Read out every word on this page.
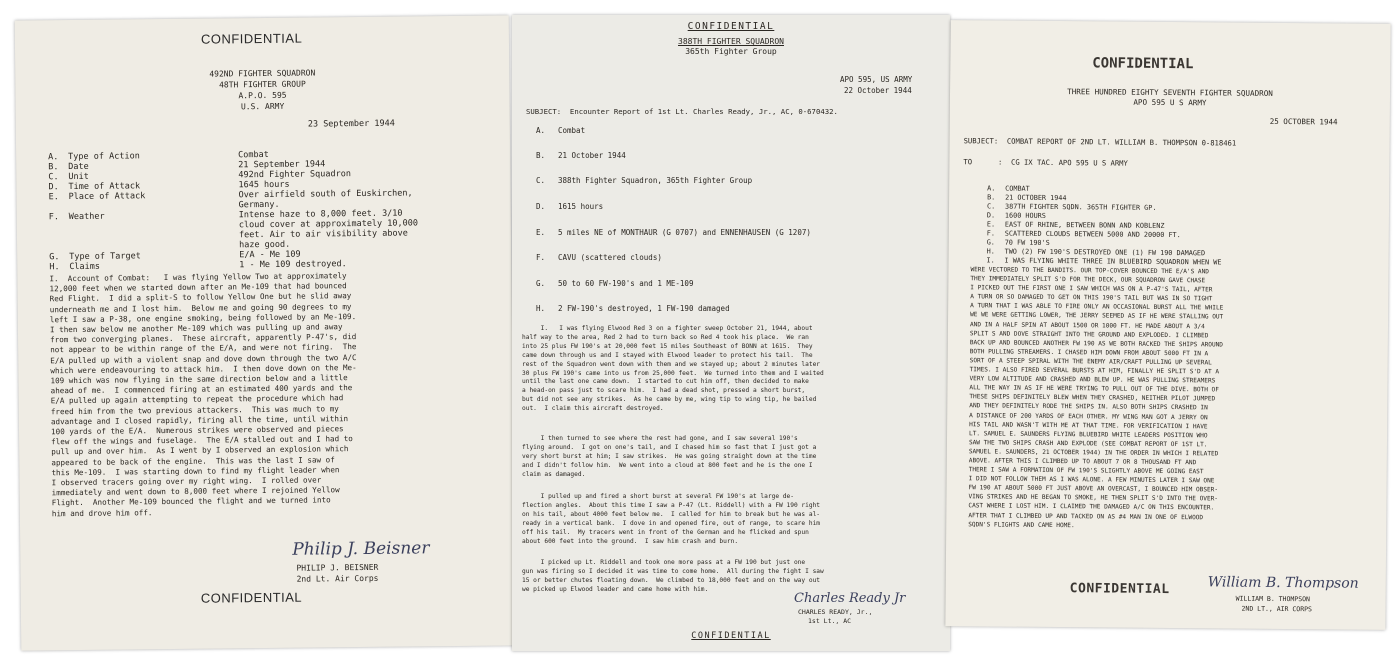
CONFIDENTIAL
492ND FIGHTER SQUADRON
48TH FIGHTER GROUP
A.P.O. 595
U.S. ARMY
23 September 1944
A.	Type of Action	Combat
B.	Date	21 September 1944
C.	Unit	492nd Fighter Squadron
D.	Time of Attack	1645 hours
E.	Place of Attack	Over airfield south of Euskirchen,
Germany.
F.	Weather	Intense haze to 8,000 feet. 3/10
cloud cover at approximately 10,000
feet. Air to air visibility above
haze good.
G.	Type of Target	E/A - Me 109
H.	Claims	1 - Me 109 destroyed.
I.  Account of Combat:   I was flying Yellow Two at approximately
12,000 feet when we started down after an Me-109 that had bounced
Red Flight.  I did a split-S to follow Yellow One but he slid away
underneath me and I lost him.  Below me and going 90 degrees to my
left I saw a P-38, one engine smoking, being followed by an Me-109.
I then saw below me another Me-109 which was pulling up and away
from two converging planes.  These aircraft, apparently P-47's, did
not appear to be within range of the E/A, and were not firing.  The
E/A pulled up with a violent snap and dove down through the two A/C
which were endeavouring to attack him.  I then dove down on the Me-
109 which was now flying in the same direction below and a little
ahead of me.  I commenced firing at an estimated 400 yards and the
E/A pulled up again attempting to repeat the procedure which had
freed him from the two previous attackers.  This was much to my
advantage and I closed rapidly, firing all the time, until within
100 yards of the E/A.  Numerous strikes were observed and pieces
flew off the wings and fuselage.  The E/A stalled out and I had to
pull up and over him.  As I went by I observed an explosion which
appeared to be back of the engine.  This was the last I saw of
this Me-109.  I was starting down to find my flight leader when
I observed tracers going over my right wing.  I rolled over
immediately and went down to 8,000 feet where I rejoined Yellow
Flight.  Another Me-109 bounced the flight and we turned into
him and drove him off.
Philip J. Beisner
PHILIP J. BEISNER
2nd Lt. Air Corps
CONFIDENTIAL
CONFIDENTIAL
388TH FIGHTER SQUADRON
365th Fighter Group
APO 595, US ARMY
22 October 1944
SUBJECT:  Encounter Report of 1st Lt. Charles Ready, Jr., AC, 0-670432.
A. Combat
B. 21 October 1944
C. 388th Fighter Squadron, 365th Fighter Group
D. 1615 hours
E. 5 miles NE of MONTHAUR (G 0707) and ENNENHAUSEN (G 1207)
F. CAVU (scattered clouds)
G. 50 to 60 FW-190's and 1 ME-109
H. 2 FW-190's destroyed, 1 FW-190 damaged
I.   I was flying Elwood Red 3 on a fighter sweep October 21, 1944, about
half way to the area, Red 2 had to turn back so Red 4 took his place.  We ran
into 25 plus FW 190's at 20,000 feet 15 miles Southeast of BONN at 1615.  They
came down through us and I stayed with Elwood leader to protect his tail.  The
rest of the Squadron went down with them and we stayed up; about 2 minutes later
30 plus FW 190's came into us from 25,000 feet.  We turned into them and I waited
until the last one came down.  I started to cut him off, then decided to make
a head-on pass just to scare him.  I had a dead shot, pressed a short burst,
but did not see any strikes.  As he came by me, wing tip to wing tip, he bailed
out.  I claim this aircraft destroyed.
I then turned to see where the rest had gone, and I saw several 190's
flying around.  I got on one's tail, and I chased him so fast that I just got a
very short burst at him; I saw strikes.  He was going straight down at the time
and I didn't follow him.  We went into a cloud at 800 feet and he is the one I
claim as damaged.
I pulled up and fired a short burst at several FW 190's at large de-
flection angles.  About this time I saw a P-47 (Lt. Riddell) with a FW 190 right
on his tail, about 4000 feet below me.  I called for him to break but he was al-
ready in a vertical bank.  I dove in and opened fire, out of range, to scare him
off his tail.  My tracers went in front of the German and he flicked and spun
about 600 feet into the ground.  I saw him crash and burn.
I picked up Lt. Riddell and took one more pass at a FW 190 but just one
gun was firing so I decided it was time to come home.  All during the fight I saw
15 or better chutes floating down.  We climbed to 18,000 feet and on the way out
we picked up Elwood leader and came home with him.
Charles Ready Jr
CHARLES READY, Jr.,
1st Lt., AC
CONFIDENTIAL
CONFIDENTIAL
THREE HUNDRED EIGHTY SEVENTH FIGHTER SQUADRON
APO 595 U S ARMY
25 OCTOBER 1944
SUBJECT:  COMBAT REPORT OF 2ND LT. WILLIAM B. THOMPSON 0-818461
TO      :  CG IX TAC. APO 595 U S ARMY
A. COMBAT
B. 21 OCTOBER 1944
C. 387TH FIGHTER SQDN. 365TH FIGHTER GP.
D. 1600 HOURS
E. EAST OF RHINE, BETWEEN BONN AND KOBLENZ
F. SCATTERED CLOUDS BETWEEN 5000 AND 20000 FT.
G. 70 FW 190'S
H. TWO (2) FW 190'S DESTROYED ONE (1) FW 190 DAMAGED
I. I WAS FLYING WHITE THREE IN BLUEBIRD SQUADRON WHEN WE
WERE VECTORED TO THE BANDITS. OUR TOP-COVER BOUNCED THE E/A'S AND
THEY IMMEDIATELY SPLIT S'D FOR THE DECK, OUR SQUADRON GAVE CHASE
I PICKED OUT THE FIRST ONE I SAW WHICH WAS ON A P-47'S TAIL, AFTER
A TURN OR SO DAMAGED TO GET ON THIS 190'S TAIL BUT WAS IN SO TIGHT
A TURN THAT I WAS ABLE TO FIRE ONLY AN OCCASIONAL BURST ALL THE WHILE
WE WE WERE GETTING LOWER, THE JERRY SEEMED AS IF HE WERE STALLING OUT
AND IN A HALF SPIN AT ABOUT 1500 OR 1000 FT. HE MADE ABOUT A 3/4
SPLIT S AND DOVE STRAIGHT INTO THE GROUND AND EXPLODED. I CLIMBED
BACK UP AND BOUNCED ANOTHER FW 190 AS WE BOTH RACKED THE SHIPS AROUND
BOTH PULLING STREAMERS. I CHASED HIM DOWN FROM ABOUT 5000 FT IN A
SORT OF A STEEP SPIRAL WITH THE ENEMY AIR/CRAFT PULLING UP SEVERAL
TIMES. I ALSO FIRED SEVERAL BURSTS AT HIM, FINALLY HE SPLIT S'D AT A
VERY LOW ALTITUDE AND CRASHED AND BLEW UP. HE WAS PULLING STREAMERS
ALL THE WAY IN AS IF HE WERE TRYING TO PULL OUT OF THE DIVE. BOTH OF
THESE SHIPS DEFINITELY BLEW WHEN THEY CRASHED, NEITHER PILOT JUMPED
AND THEY DEFINITELY RODE THE SHIPS IN. ALSO BOTH SHIPS CRASHED IN
A DISTANCE OF 200 YARDS OF EACH OTHER. MY WING MAN GOT A JERRY ON
HIS TAIL AND WASN'T WITH ME AT THAT TIME. FOR VERIFICATION I HAVE
LT. SAMUEL E. SAUNDERS FLYING BLUEBIRD WHITE LEADERS POSITION WHO
SAW THE TWO SHIPS CRASH AND EXPLODE (SEE COMBAT REPORT OF 1ST LT.
SAMUEL E. SAUNDERS, 21 OCTOBER 1944) IN THE ORDER IN WHICH I RELATED
ABOVE. AFTER THIS I CLIMBED UP TO ABOUT 7 OR 8 THOUSAND FT AND
THERE I SAW A FORMATION OF FW 190'S SLIGHTLY ABOVE ME GOING EAST
I DID NOT FOLLOW THEM AS I WAS ALONE. A FEW MINUTES LATER I SAW ONE
FW 190 AT ABOUT 5000 FT JUST ABOVE AN OVERCAST, I BOUNCED HIM OBSER-
VING STRIKES AND HE BEGAN TO SMOKE, HE THEN SPLIT S'D INTO THE OVER-
CAST WHERE I LOST HIM. I CLAIMED THE DAMAGED A/C ON THIS ENCOUNTER.
AFTER THAT I CLIMBED UP AND TACKED ON AS #4 MAN IN ONE OF ELWOOD
SQDN'S FLIGHTS AND CAME HOME.
CONFIDENTIAL	William B. Thompson
WILLIAM B. THOMPSON
2ND LT., AIR CORPS
